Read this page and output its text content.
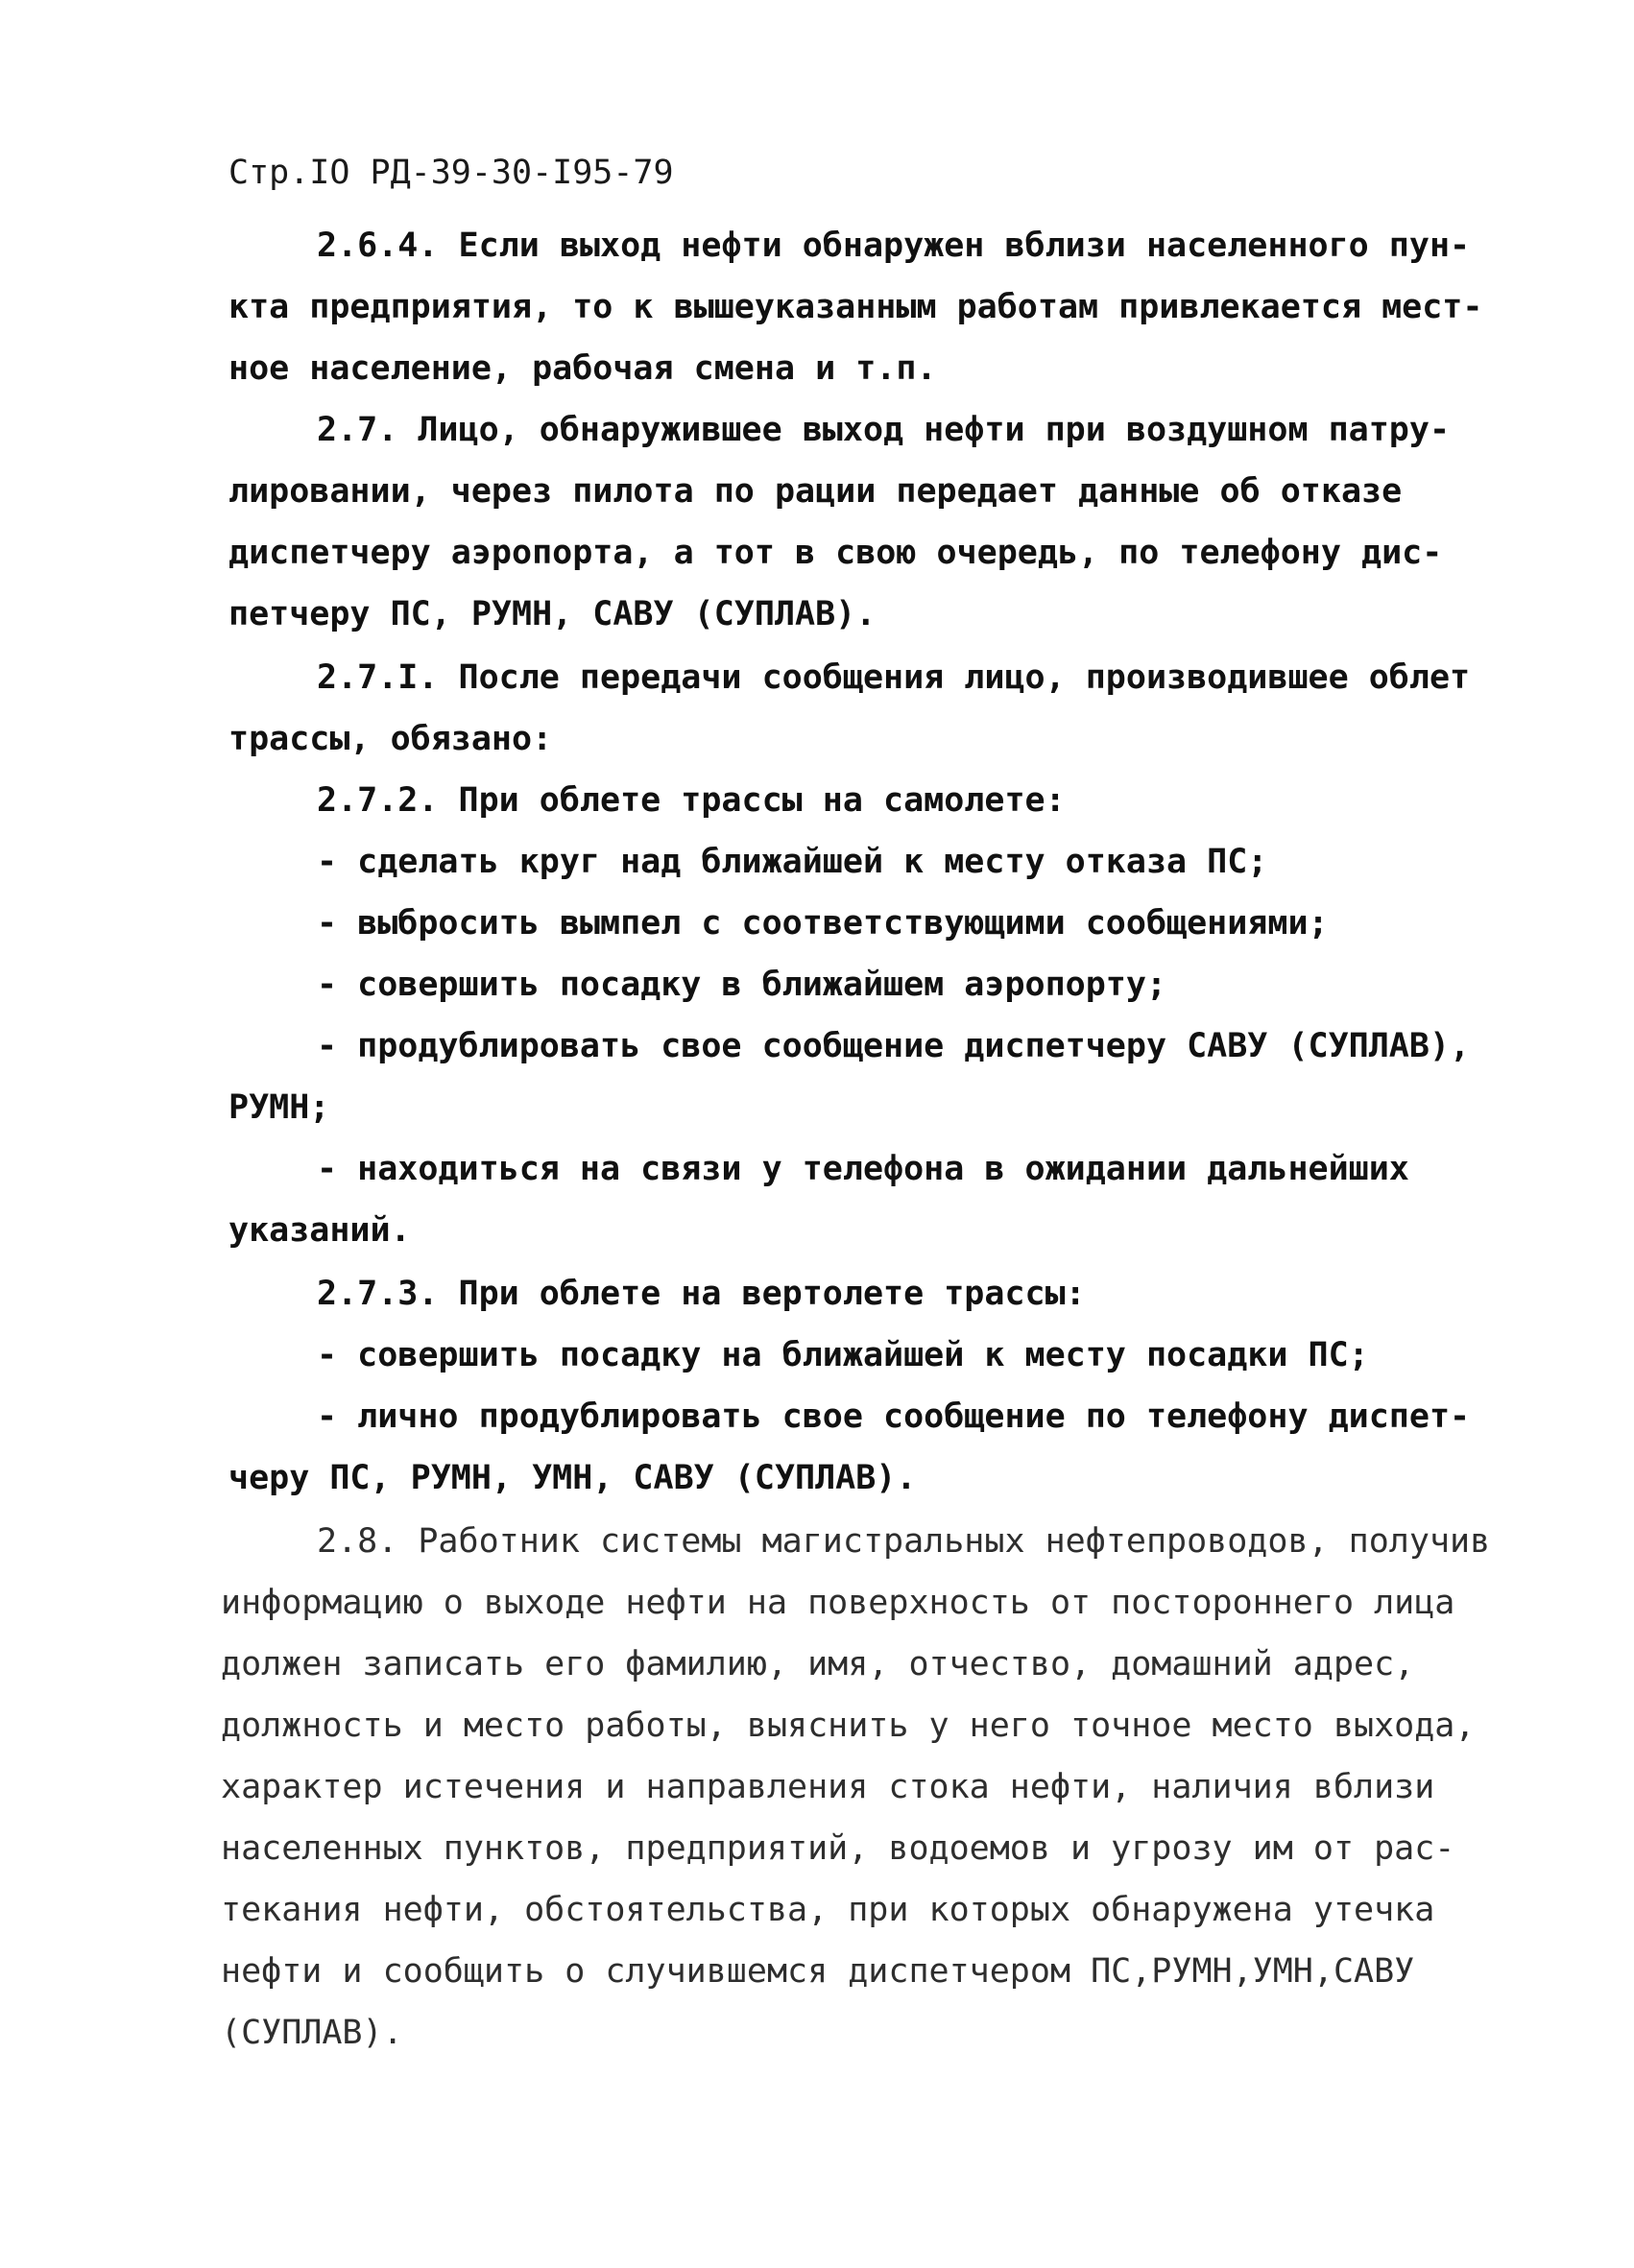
Стр.IO РД-39-30-I95-79

2.6.4. Если выход нефти обнаружен вблизи населенного пун-

кта предприятия, то к вышеуказанным работам привлекается мест-

ное население, рабочая смена и т.п.

2.7. Лицо, обнаружившее выход нефти при воздушном патру-

лировании, через пилота по рации передает данные об отказе

диспетчеру аэропорта, а тот в свою очередь, по телефону дис-

петчеру ПС, РУМН, САВУ (СУПЛАВ).

2.7.I. После передачи сообщения лицо, производившее облет

трассы, обязано:

2.7.2. При облете трассы на самолете:

- сделать круг над ближайшей к месту отказа ПС;

- выбросить вымпел с соответствующими сообщениями;

- совершить посадку в ближайшем аэропорту;

- продублировать свое сообщение диспетчеру САВУ (СУПЛАВ),

РУМН;

- находиться на связи у телефона в ожидании дальнейших

указаний.

2.7.3. При облете на вертолете трассы:

- совершить посадку на ближайшей к месту посадки ПС;

- лично продублировать свое сообщение по телефону диспет-

черу ПС, РУМН, УМН, САВУ (СУПЛАВ).

2.8. Работник системы магистральных нефтепроводов, получив

информацию о выходе нефти на поверхность от постороннего лица

должен записать его фамилию, имя, отчество, домашний адрес,

должность и место работы, выяснить у него точное место выхода,

характер истечения и направления стока нефти, наличия вблизи

населенных пунктов, предприятий, водоемов и угрозу им от рас-

текания нефти, обстоятельства, при которых обнаружена утечка

нефти и сообщить о случившемся диспетчером ПС,РУМН,УМН,САВУ

(СУПЛАВ).
